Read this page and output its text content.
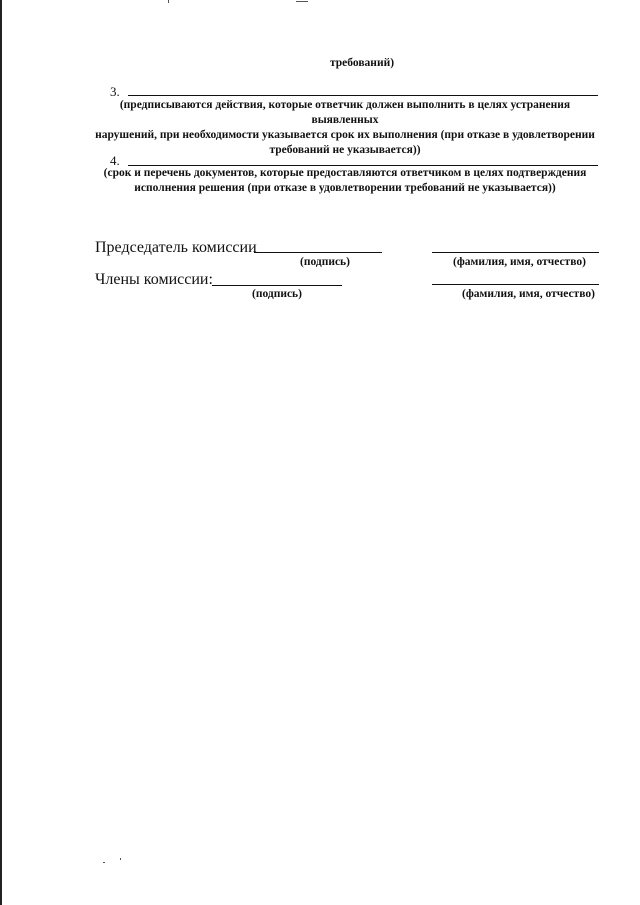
требований)
3.
(предписываются действия, которые ответчик должен выполнить в целях устранения выявленных
нарушений, при необходимости указывается срок их выполнения (при отказе в удовлетворении
требований не указывается))
4.
(срок и перечень документов, которые предоставляются ответчиком в целях подтверждения
исполнения решения (при отказе в удовлетворении требований не указывается))
Председатель комиссии
(подпись)	(фамилия, имя, отчество)
Члены комиссии:
(подпись)	(фамилия, имя, отчество)
